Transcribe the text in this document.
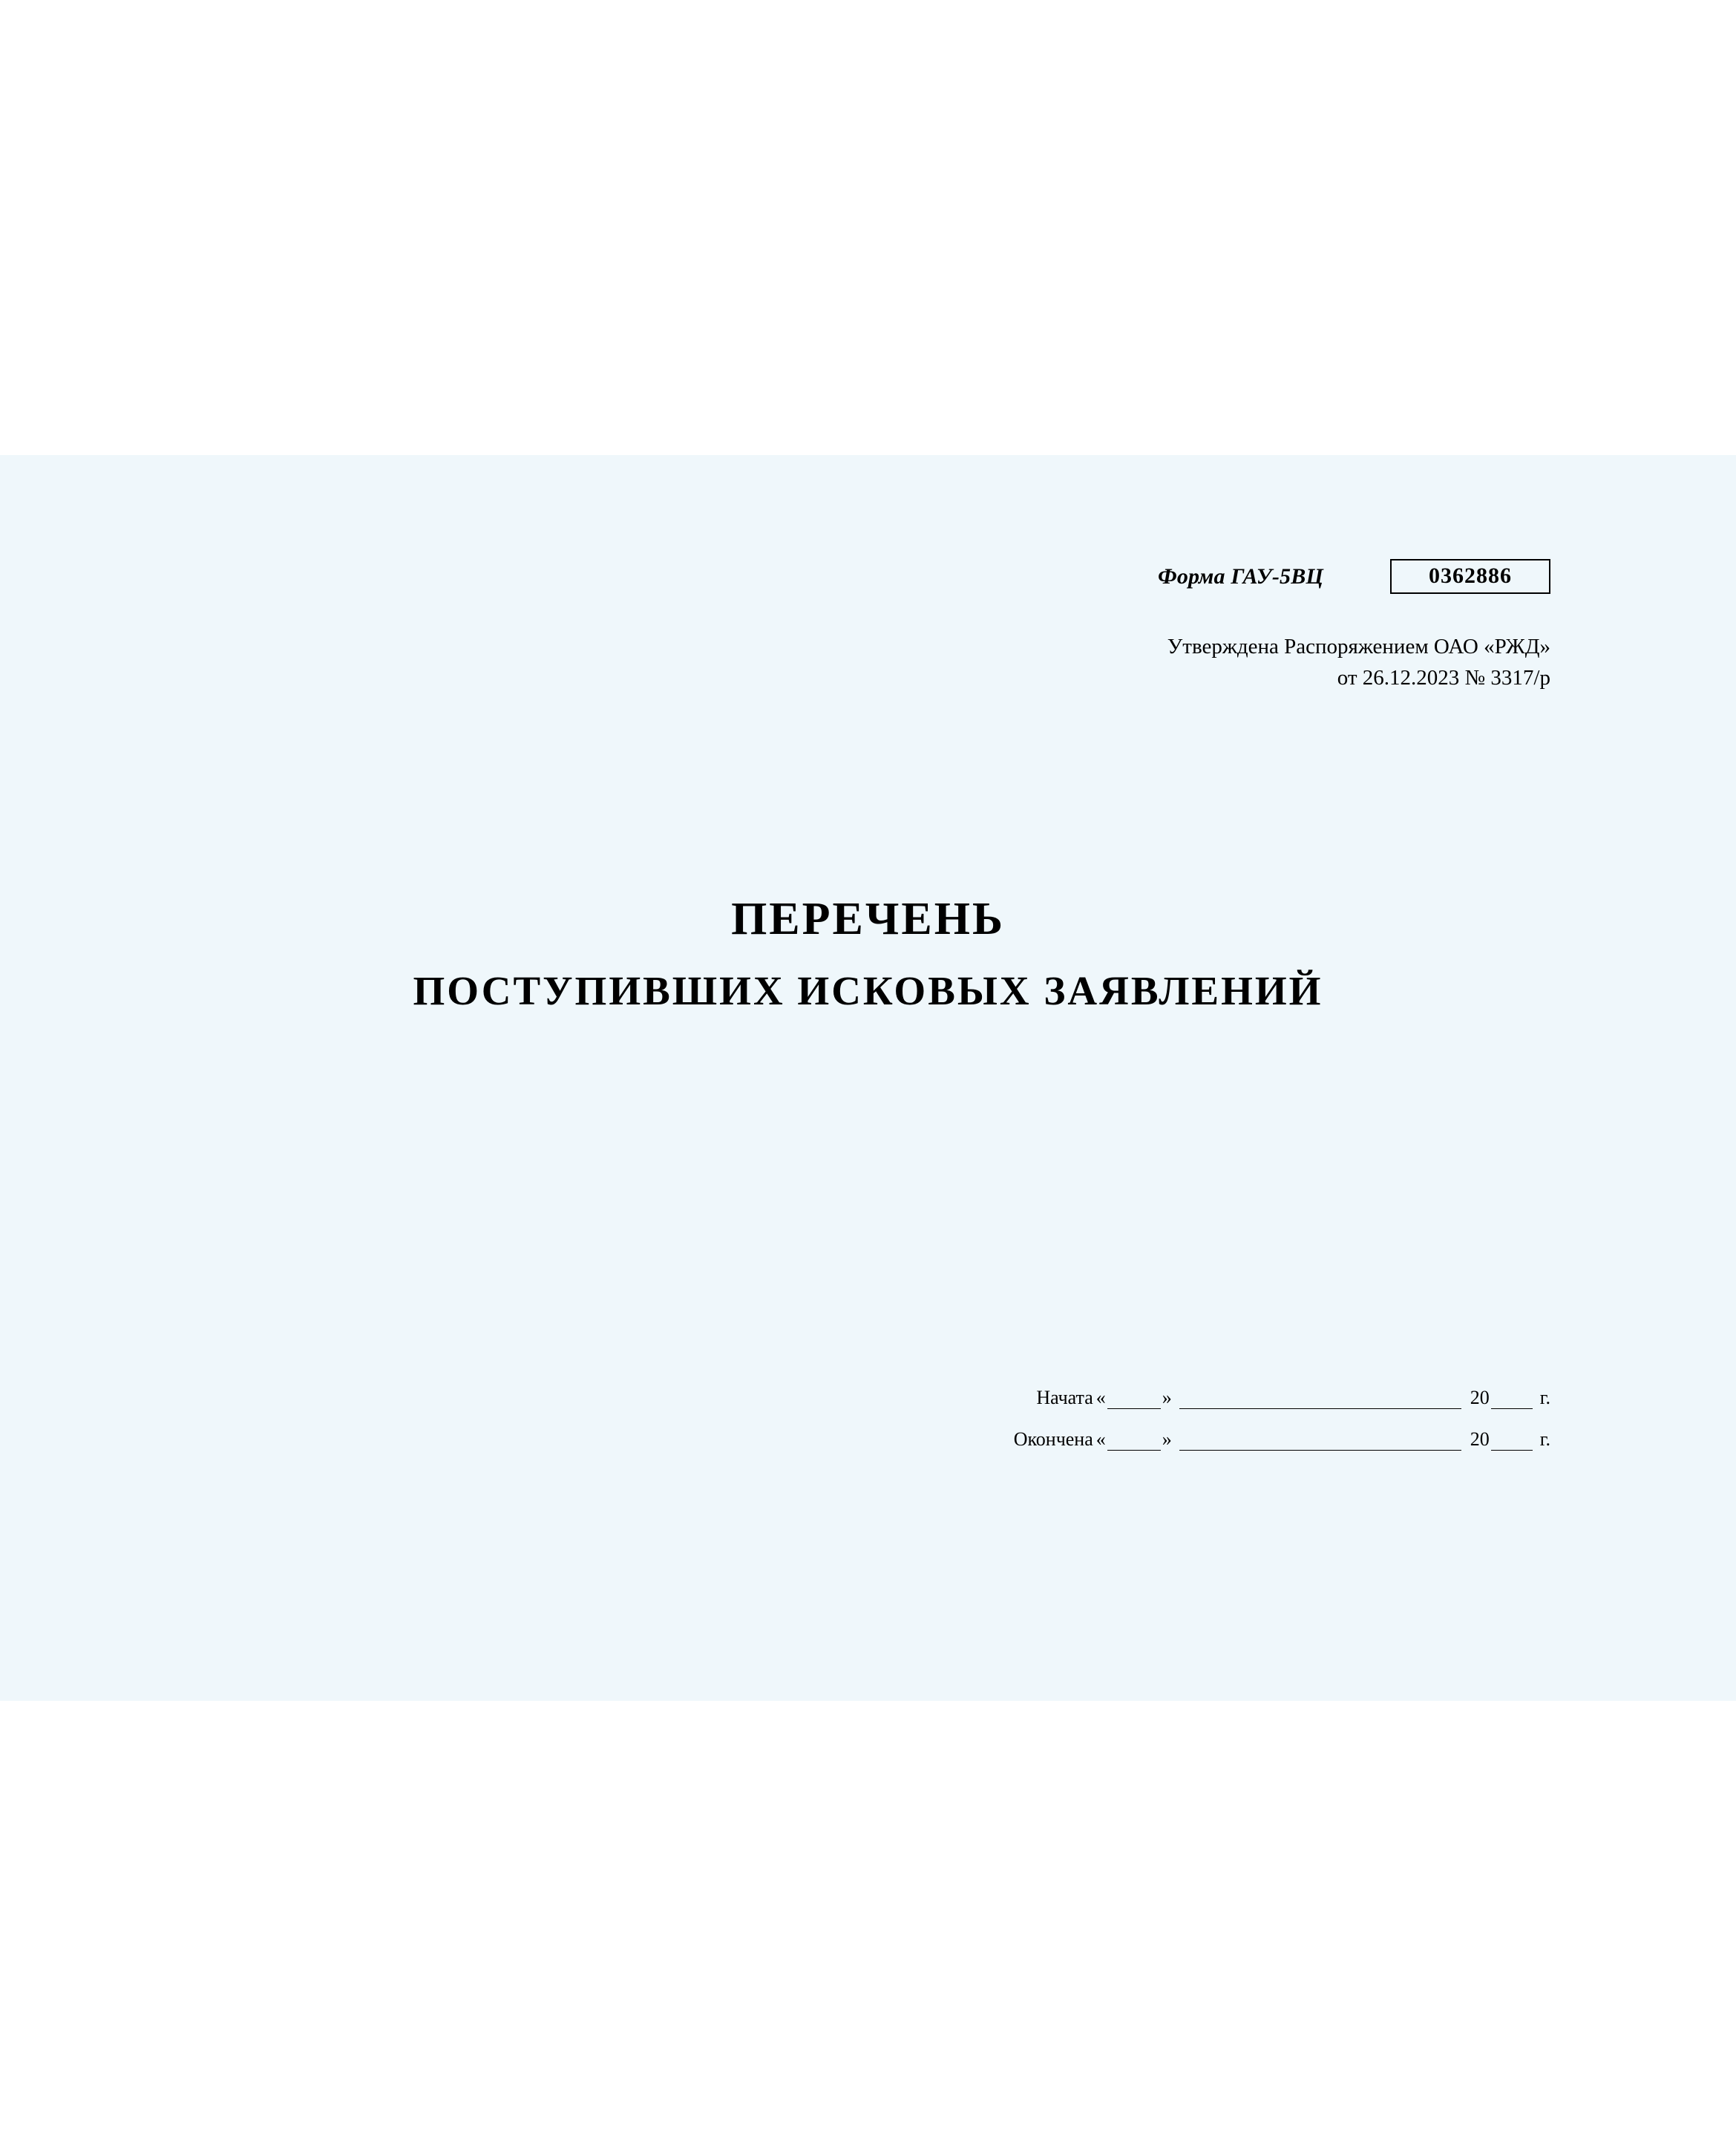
Форма ГАУ-5ВЦ	0362886
Утверждена Распоряжением ОАО «РЖД»
от 26.12.2023 № 3317/р
ПЕРЕЧЕНЬ
ПОСТУПИВШИХ ИСКОВЫХ ЗАЯВЛЕНИЙ
Начата «	»	20	г.
Окончена «	»	20	г.
